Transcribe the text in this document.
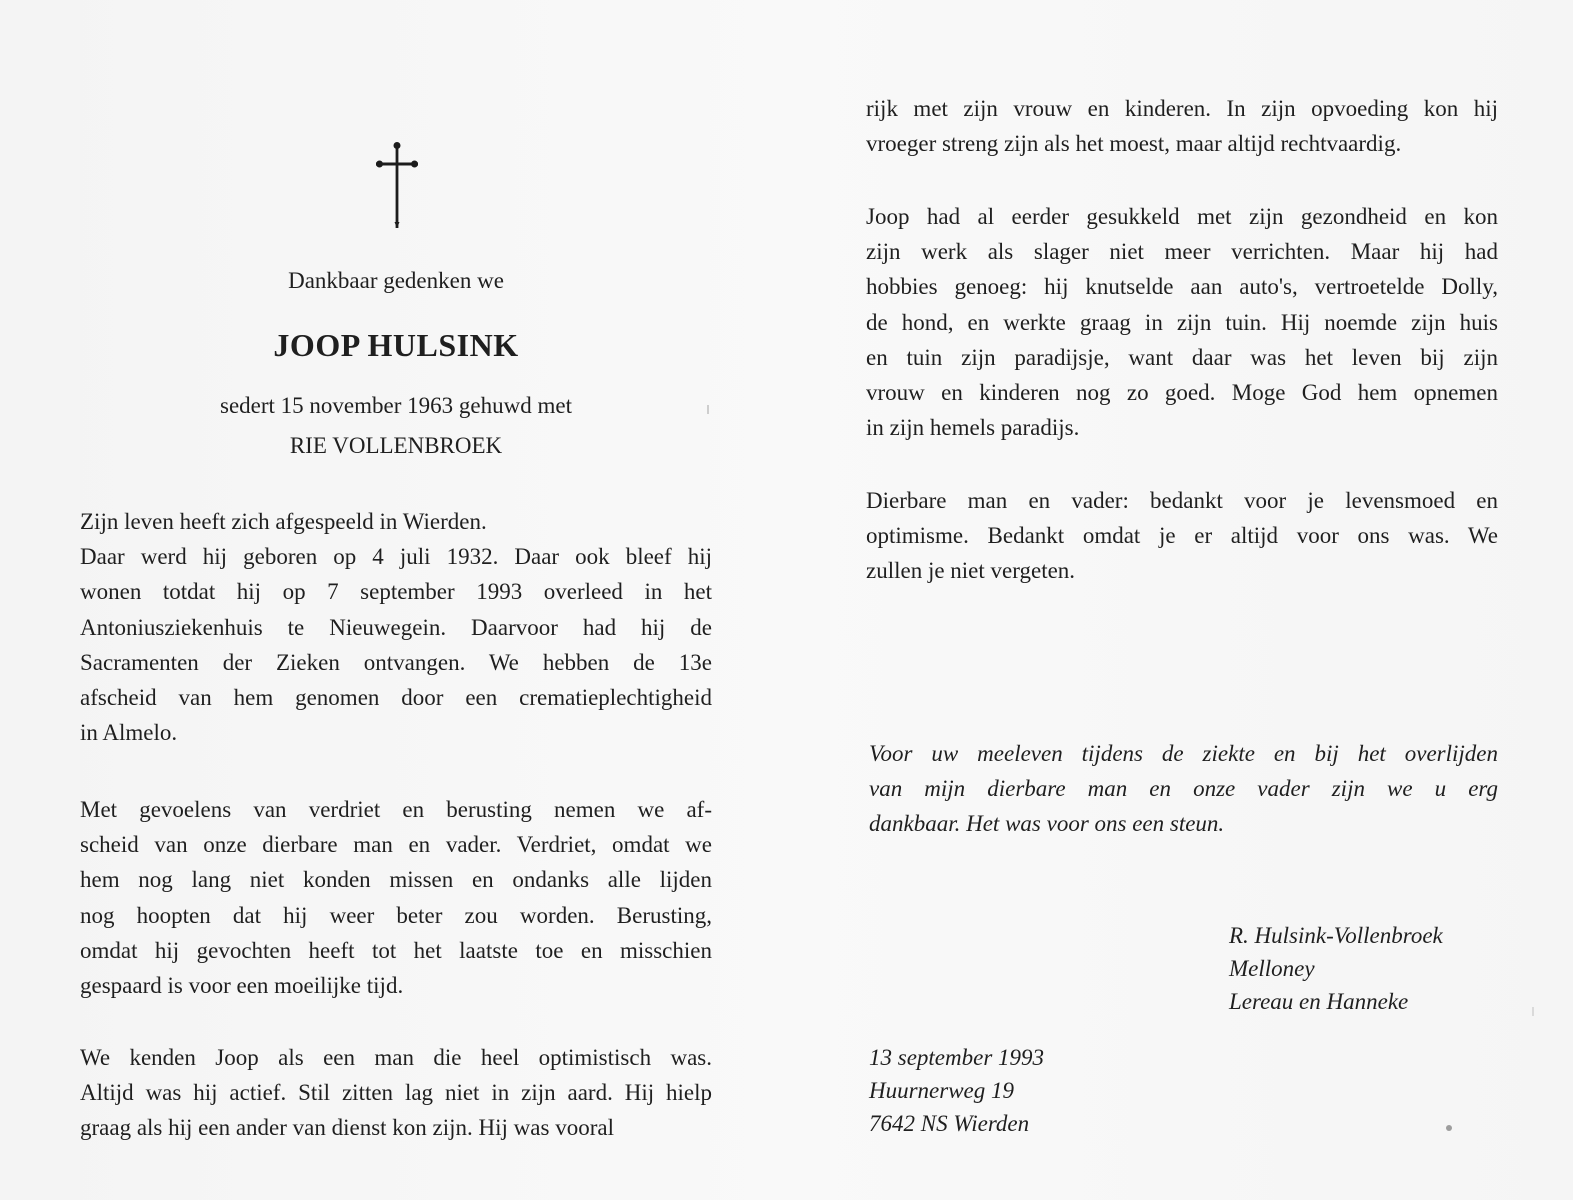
Dankbaar gedenken we
JOOP HULSINK
sedert 15 november 1963 gehuwd met
RIE VOLLENBROEK
Zijn leven heeft zich afgespeeld in Wierden.
Daar werd hij geboren op 4 juli 1932. Daar ook bleef hij
wonen totdat hij op 7 september 1993 overleed in het
Antoniusziekenhuis te Nieuwegein. Daarvoor had hij de
Sacramenten der Zieken ontvangen. We hebben de 13e
afscheid van hem genomen door een crematieplechtigheid
in Almelo.
Met gevoelens van verdriet en berusting nemen we af-
scheid van onze dierbare man en vader. Verdriet, omdat we
hem nog lang niet konden missen en ondanks alle lijden
nog hoopten dat hij weer beter zou worden. Berusting,
omdat hij gevochten heeft tot het laatste toe en misschien
gespaard is voor een moeilijke tijd.
We kenden Joop als een man die heel optimistisch was.
Altijd was hij actief. Stil zitten lag niet in zijn aard. Hij hielp
graag als hij een ander van dienst kon zijn. Hij was vooral
rijk met zijn vrouw en kinderen. In zijn opvoeding kon hij
vroeger streng zijn als het moest, maar altijd rechtvaardig.
Joop had al eerder gesukkeld met zijn gezondheid en kon
zijn werk als slager niet meer verrichten. Maar hij had
hobbies genoeg: hij knutselde aan auto's, vertroetelde Dolly,
de hond, en werkte graag in zijn tuin. Hij noemde zijn huis
en tuin zijn paradijsje, want daar was het leven bij zijn
vrouw en kinderen nog zo goed. Moge God hem opnemen
in zijn hemels paradijs.
Dierbare man en vader: bedankt voor je levensmoed en
optimisme. Bedankt omdat je er altijd voor ons was. We
zullen je niet vergeten.
Voor uw meeleven tijdens de ziekte en bij het overlijden
van mijn dierbare man en onze vader zijn we u erg
dankbaar. Het was voor ons een steun.
R. Hulsink-Vollenbroek
Melloney
Lereau en Hanneke
13 september 1993
Huurnerweg 19
7642 NS Wierden
